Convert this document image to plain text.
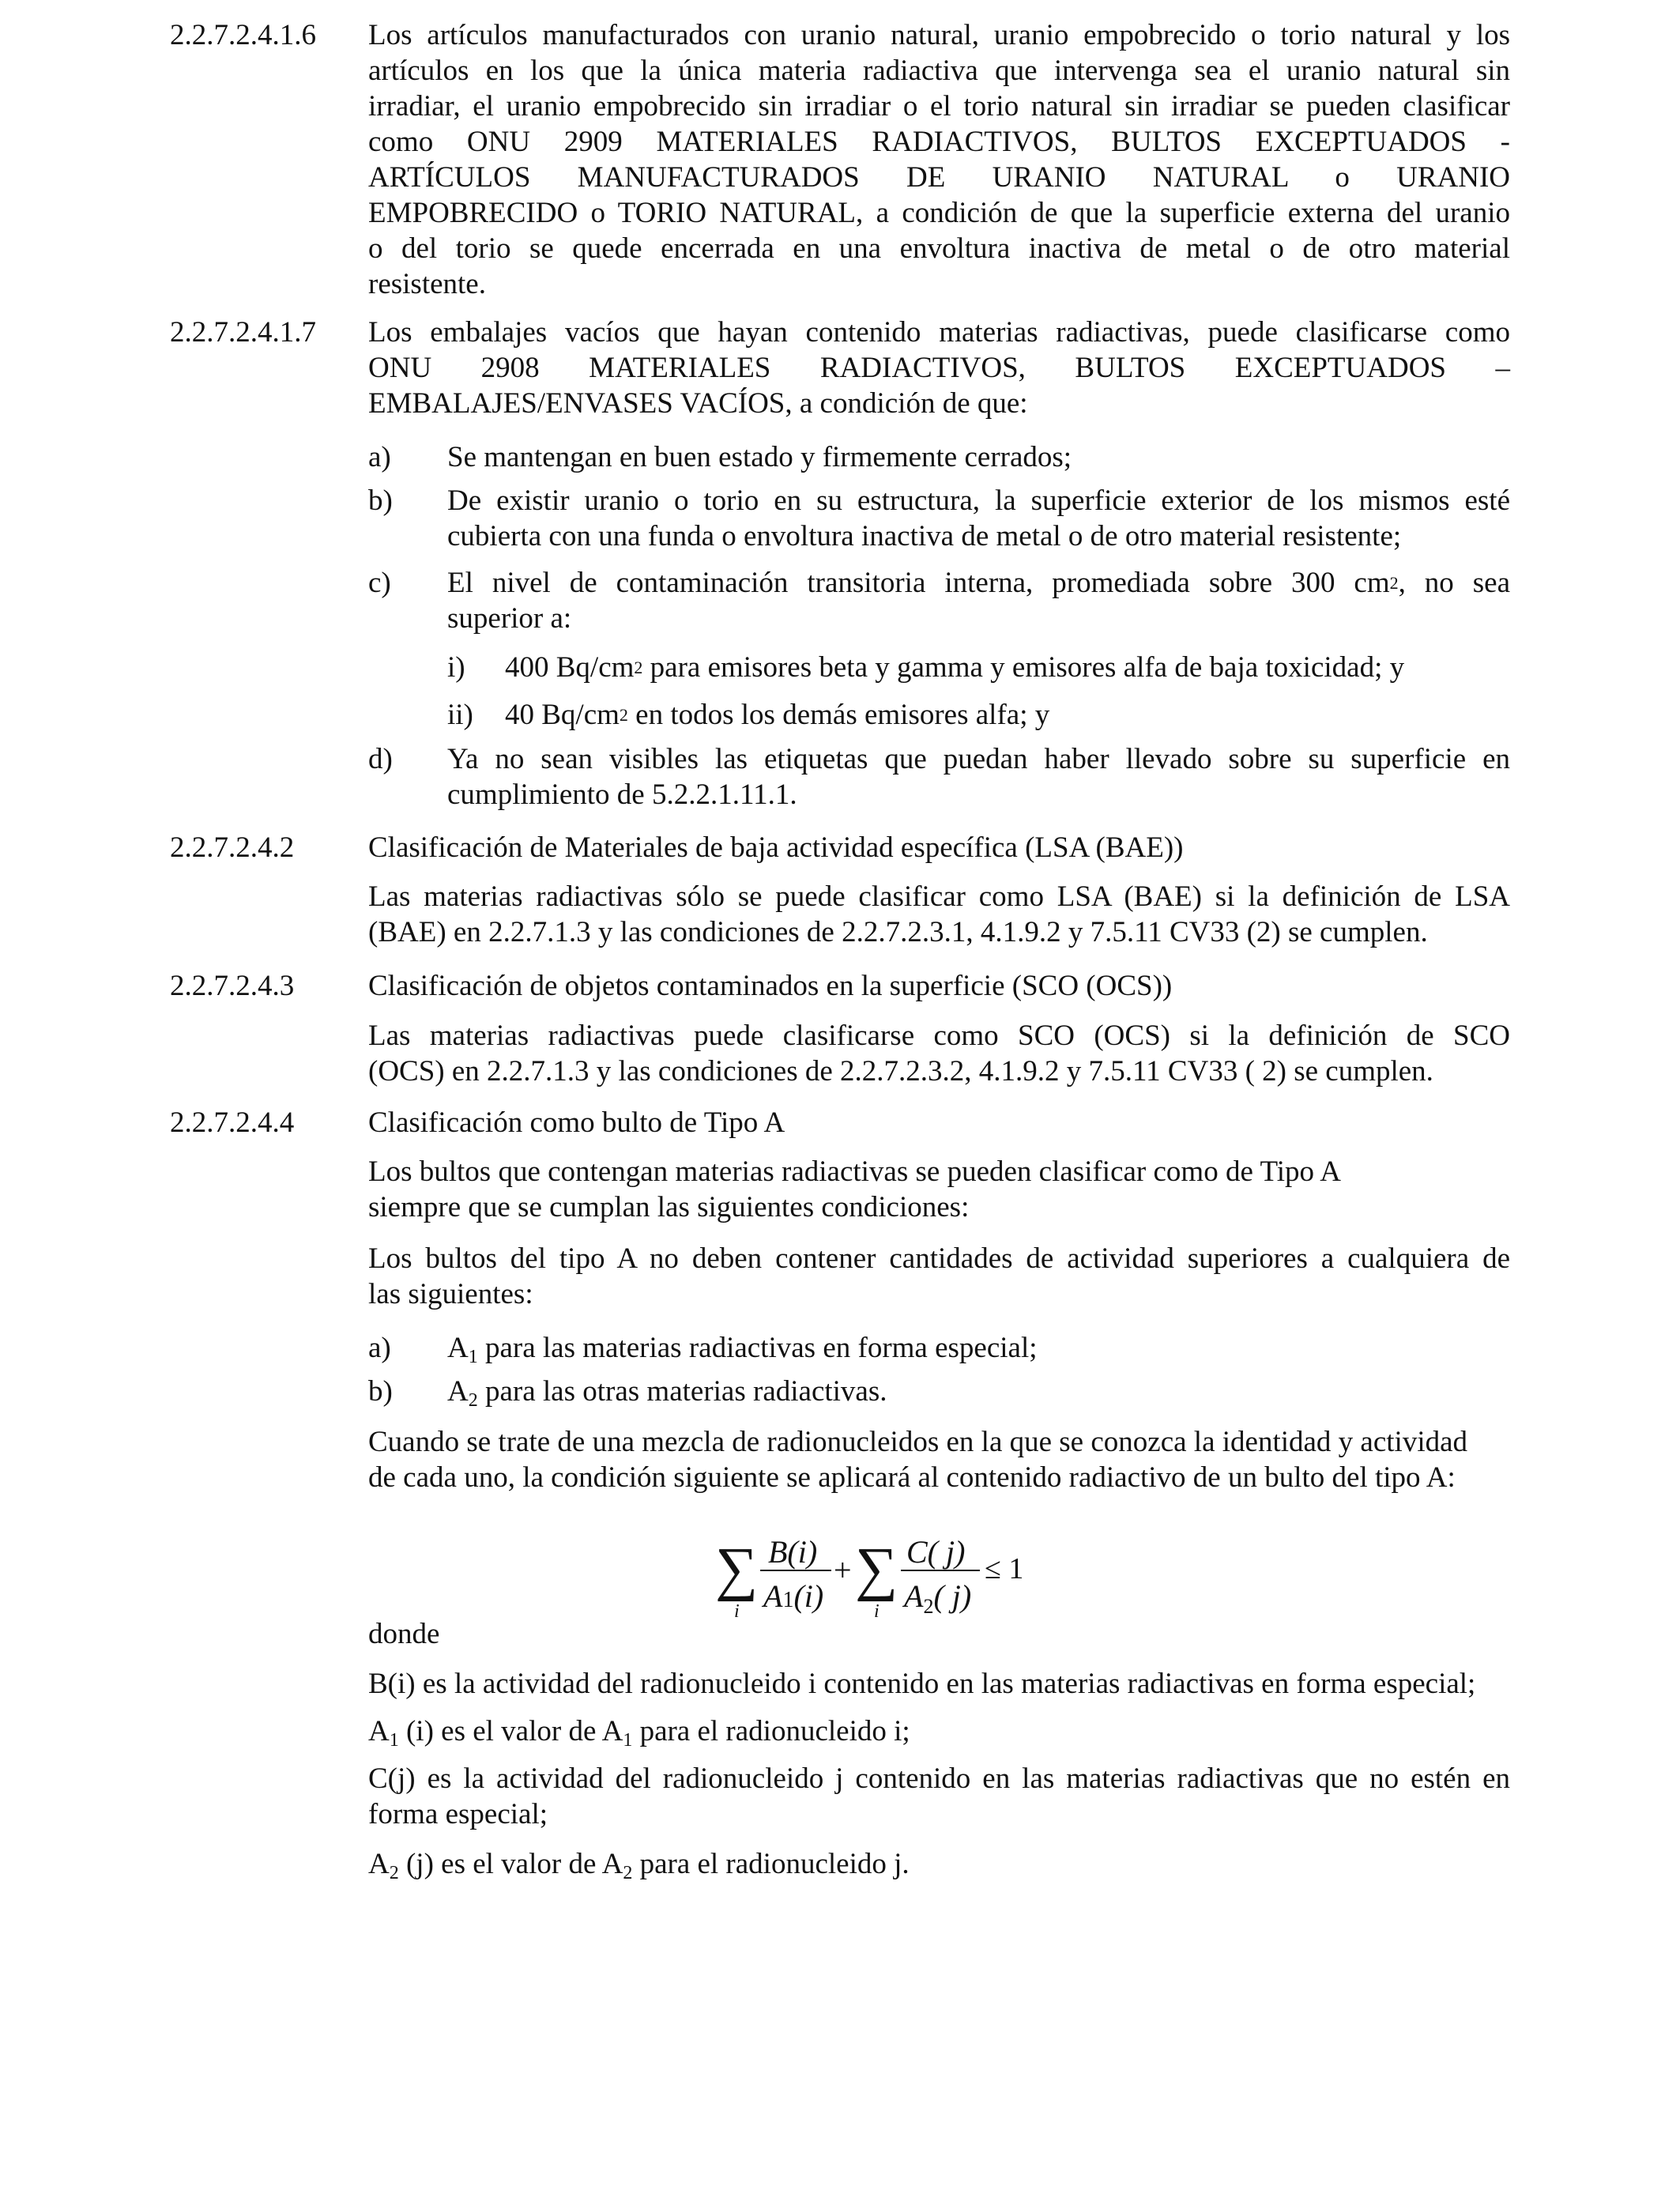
2.2.7.2.4.1.6 Los artículos manufacturados con uranio natural, uranio empobrecido o torio natural y los
artículos en los que la única materia radiactiva que intervenga sea el uranio natural sin
irradiar, el uranio empobrecido sin irradiar o el torio natural sin irradiar se pueden clasificar
como ONU 2909 MATERIALES RADIACTIVOS, BULTOS EXCEPTUADOS -
ARTÍCULOS MANUFACTURADOS DE URANIO NATURAL o URANIO
EMPOBRECIDO o TORIO NATURAL, a condición de que la superficie externa del uranio
o del torio se quede encerrada en una envoltura inactiva de metal o de otro material
resistente.
2.2.7.2.4.1.7 Los embalajes vacíos que hayan contenido materias radiactivas, puede clasificarse como
ONU 2908 MATERIALES RADIACTIVOS, BULTOS EXCEPTUADOS –
EMBALAJES/ENVASES VACÍOS, a condición de que:
a) Se mantengan en buen estado y firmemente cerrados;
b) De existir uranio o torio en su estructura, la superficie exterior de los mismos esté
cubierta con una funda o envoltura inactiva de metal o de otro material resistente;
c) El nivel de contaminación transitoria interna, promediada sobre 300 $cm^2$, no sea
superior a:
i) 400 $Bq/cm^2$ para emisores beta y gamma y emisores alfa de baja toxicidad; y
ii) 40 $Bq/cm^2$ en todos los demás emisores alfa; y
d) Ya no sean visibles las etiquetas que puedan haber llevado sobre su superficie en
cumplimiento de 5.2.2.1.11.1.
2.2.7.2.4.2	Clasificación de Materiales de baja actividad específica (LSA (BAE))
Las materias radiactivas sólo se puede clasificar como LSA (BAE) si la definición de LSA
(BAE) en 2.2.7.1.3 y las condiciones de 2.2.7.2.3.1, 4.1.9.2 y 7.5.11 CV33 (2) se cumplen.
2.2.7.2.4.3	Clasificación de objetos contaminados en la superficie (SCO (OCS))
Las materias radiactivas puede clasificarse como SCO (OCS) si la definición de SCO
(OCS) en 2.2.7.1.3 y las condiciones de 2.2.7.2.3.2, 4.1.9.2 y 7.5.11 CV33 ( 2) se cumplen.
2.2.7.2.4.4	Clasificación como bulto de Tipo A
Los bultos que contengan materias radiactivas se pueden clasificar como de Tipo A
siempre que se cumplan las siguientes condiciones:
Los bultos del tipo A no deben contener cantidades de actividad superiores a cualquiera de
las siguientes:
a) A1 para las materias radiactivas en forma especial;
b) A2 para las otras materias radiactivas.
Cuando se trate de una mezcla de radionucleidos en la que se conozca la identidad y actividad
de cada uno, la condición siguiente se aplicará al contenido radiactivo de un bulto del tipo A:
∑
i
B(i)
A1(i)
+ ∑
i
C( j)
$A_2$( j)
≤ 1
donde
B(i) es la actividad del radionucleido i contenido en las materias radiactivas en forma especial;
A1 (i) es el valor de A1 para el radionucleido i;
C(j) es la actividad del radionucleido j contenido en las materias radiactivas que no estén en
forma especial;
A2 (j) es el valor de A2 para el radionucleido j.
